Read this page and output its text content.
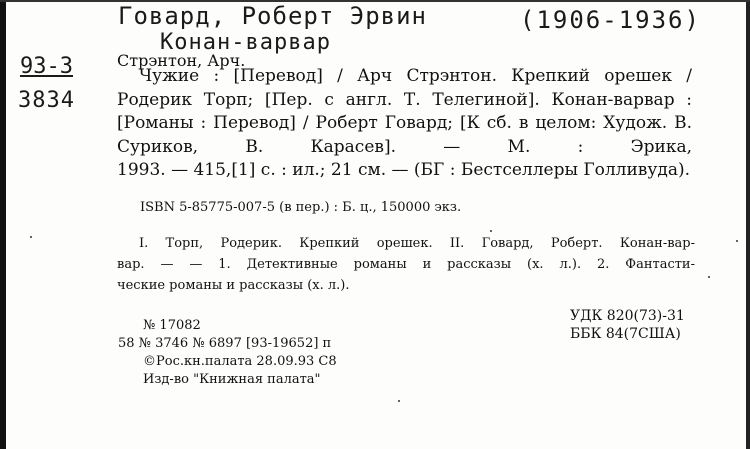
Говард, Роберт Эрвин
Конан-варвар
(1906-1936)
93-3
3834
Стрэнтон, Арч.
Чужие : [Перевод] / Арч Стрэнтон. Крепкий орешек / Родерик Торп; [Пер. с англ. Т. Телегиной]. Конан-варвар : [Романы : Перевод] / Роберт Говард; [К сб. в целом: Худож. В. Суриков, В. Карасев]. — М. : Эрика,
1993. — 415,[1] с. : ил.; 21 см. — (БГ : Бестселлеры Голливуда).
ISBN 5-85775-007-5 (в пер.) : Б. ц., 150000 экз.
I. Торп, Родерик. Крепкий орешек. II. Говард, Роберт. Конан-вар-
вар. — — 1. Детективные романы и рассказы (х. л.). 2. Фантасти-
ческие романы и рассказы (х. л.).
№ 17082
58 № 3746 № 6897 [93-19652] п
©Рос.кн.палата 28.09.93 С8
Изд-во "Книжная палата"
УДК 820(73)-31
ББК 84(7США)
